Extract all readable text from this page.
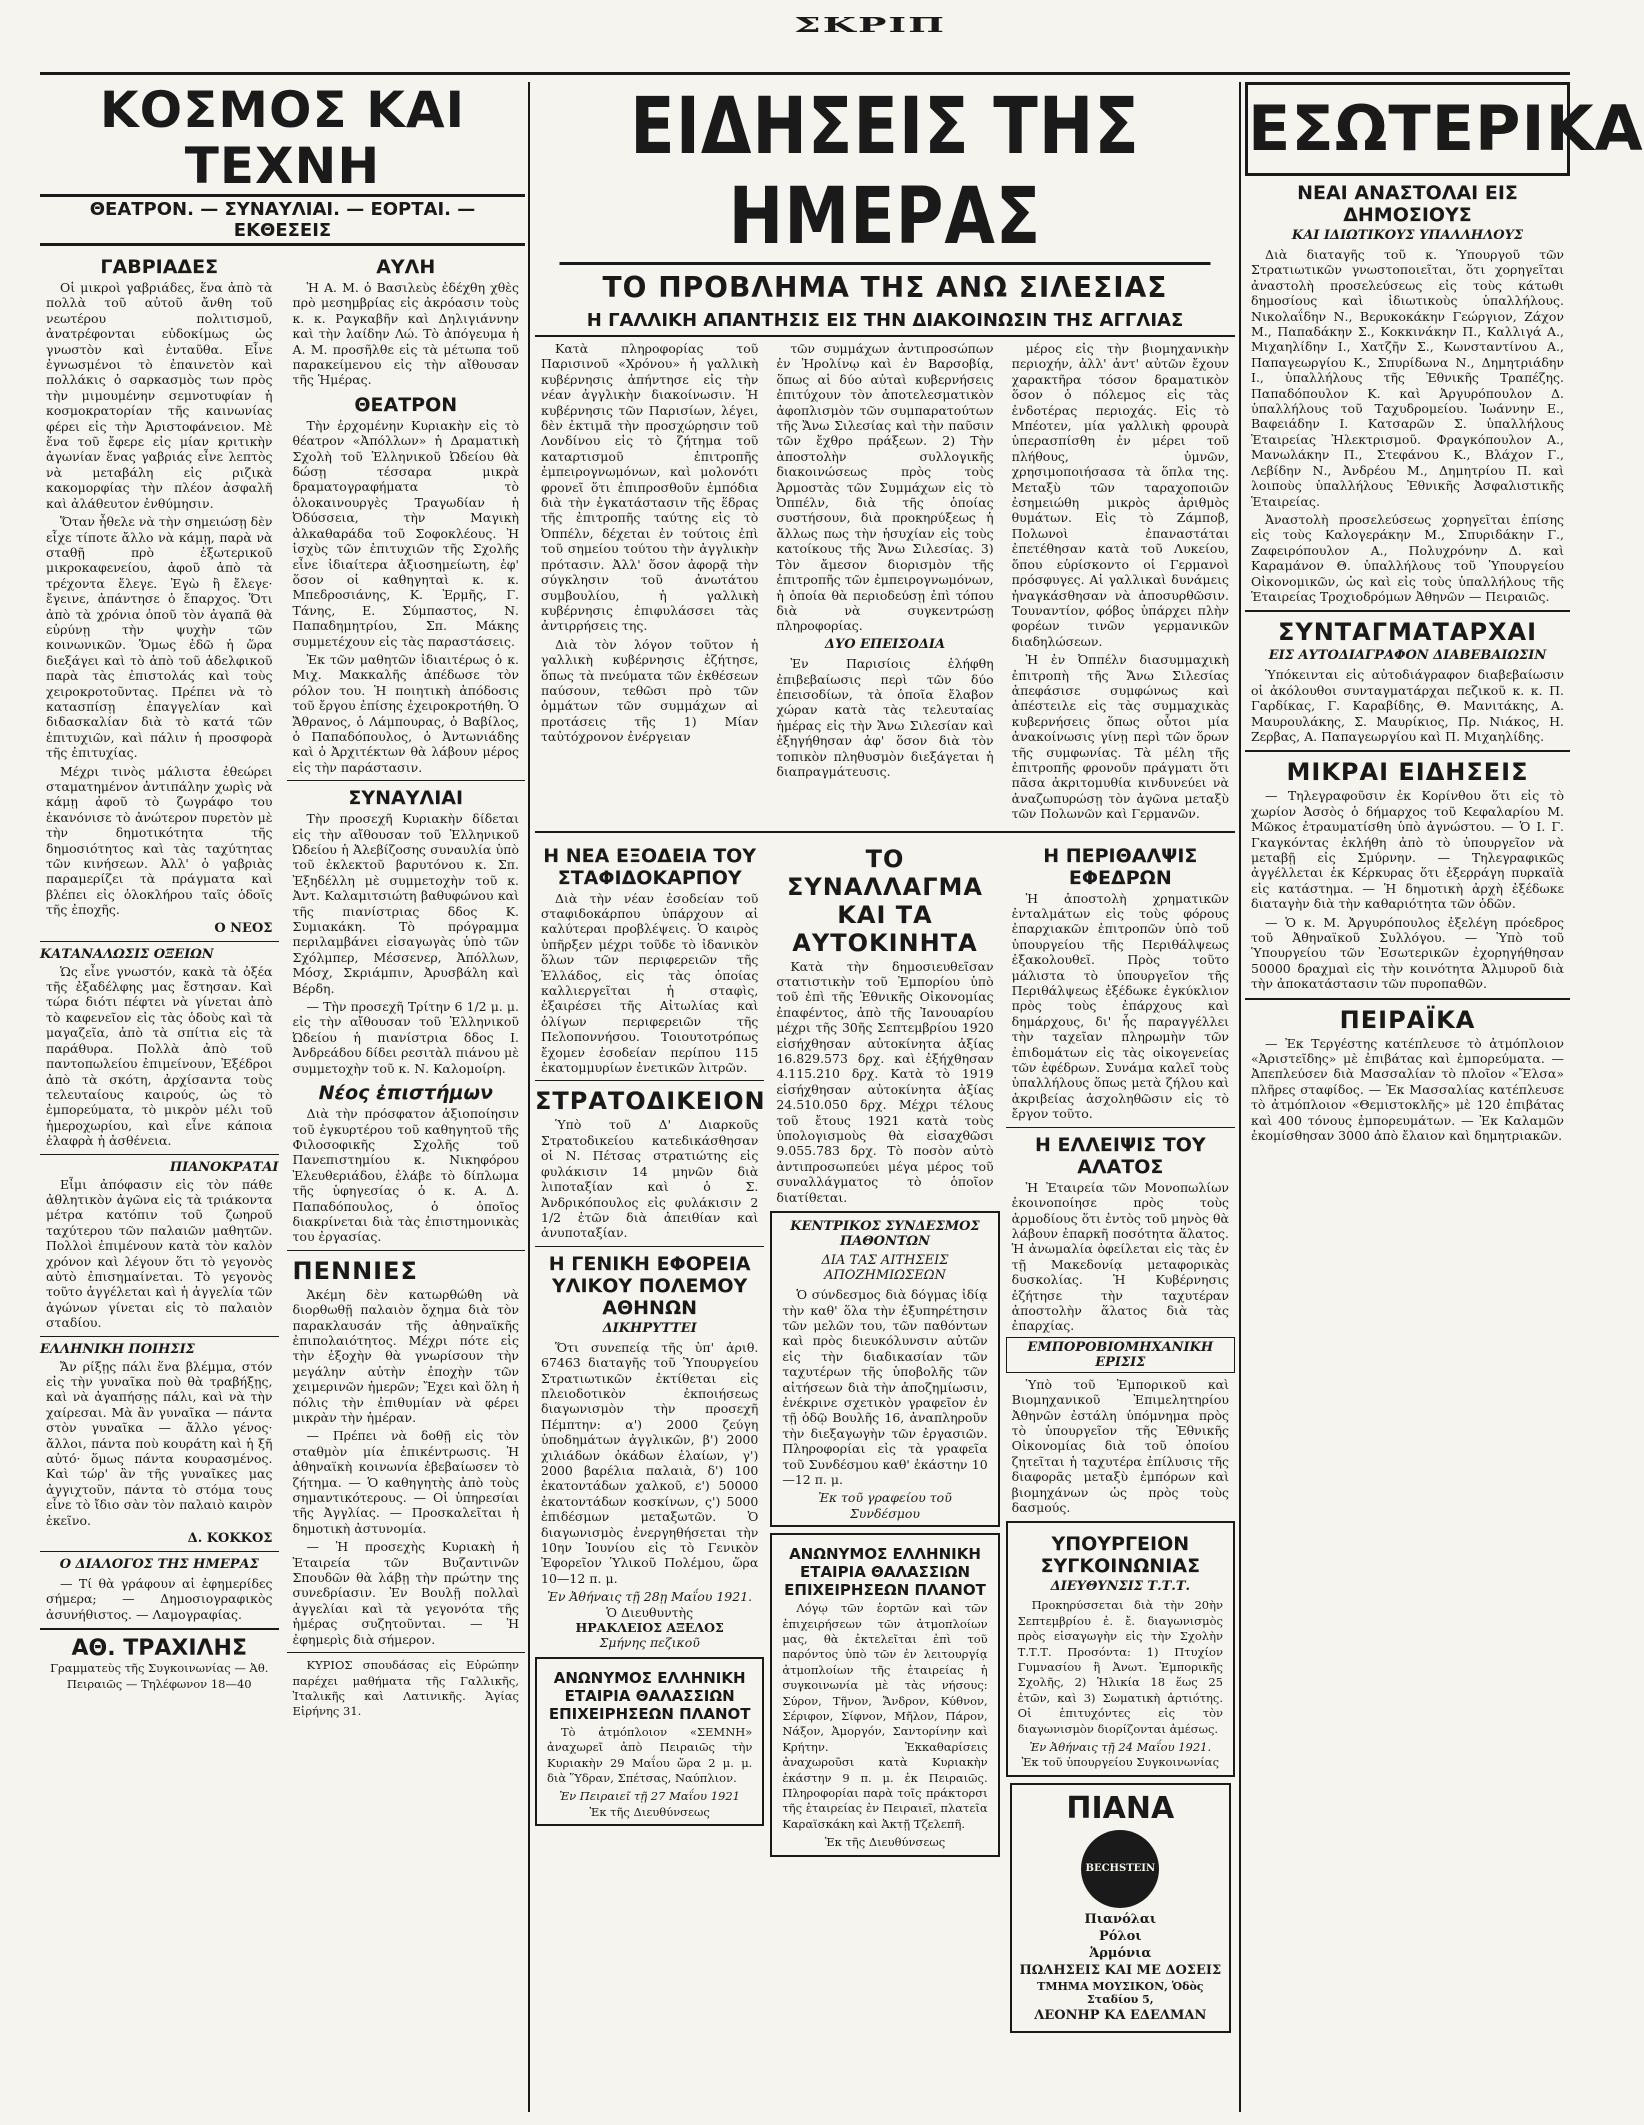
ΣΚΡΙΠ
ΚΟΣΜΟΣ ΚΑΙ ΤΕΧΝΗ
ΘΕΑΤΡΟΝ. — ΣΥΝΑΥΛΙΑΙ. — ΕΟΡΤΑΙ. — ΕΚΘΕΣΕΙΣ
ΓΑΒΡΙΑΔΕΣ

Οἱ μικροὶ γαβριάδες, ἕνα ἀπὸ τὰ πολλὰ τοῦ αὐτοῦ ἄνθη τοῦ νεωτέρου πολιτισμοῦ, ἀνατρέφονται εὐδοκίμως ὡς γνωστὸν καὶ ἐνταῦθα. Εἶνε ἐγνωσμένοι τὸ ἐπαινετὸν καὶ πολλάκις ὁ σαρκασμὸς των πρὸς τὴν μιμουμένην σεμνοτυφίαν ἡ κοσμοκρατορίαν τῆς καινωνίας φέρει εἰς τὴν Ἀριστοφάνειον. Μὲ ἕνα τοῦ ἔφερε εἰς μίαν κριτικὴν ἀγωνίαν ἕνας γαβριάς εἶνε λεπτὸς νὰ μεταβάλη εἰς ριζικὰ κακομορφίας τὴν πλέον ἀσφαλῆ καὶ ἀλάθευτον ἐνθύμησιν.

Ὅταν ἦθελε νὰ τὴν σημειώσῃ δὲν εἶχε τίποτε ἄλλο νὰ κάμῃ, παρὰ νὰ σταθῇ πρὸ ἐξωτερικοῦ μικροκαφενείου, ἀφοῦ ἀπὸ τὰ τρέχοντα ἔλεγε. Ἐγὼ ἢ ἔλεγε· ἔγεινε, ἀπάντησε ὁ ἔπαρχος. Ὅτι ἀπὸ τὰ χρόνια ὁποῦ τὸν ἀγαπᾶ θὰ εὐρύνῃ τὴν ψυχὴν τῶν κοινωνικῶν. Ὅμως ἐδῶ ἡ ὥρα διεξάγει καὶ τὸ ἀπὸ τοῦ ἀδελφικοῦ παρὰ τὰς ἐπιστολάς καὶ τοὺς χειροκροτοῦντας. Πρέπει νὰ τὸ κατασπίσῃ ἐπαγγελίαν καὶ διδασκαλίαν διὰ τὸ κατά τῶν ἐπιτυχιῶν, καὶ πάλιν ἡ προσφορὰ τῆς ἐπιτυχίας.

Μέχρι τινὸς μάλιστα ἐθεώρει σταματημένον ἀντιπάλην χωρὶς νὰ κάμῃ ἀφοῦ τὸ ζωγράφο του ἐκανόνισε τὸ ἀνώτερον πυρετὸν μὲ τὴν δημοτικότητα τῆς δημοσιότητος καὶ τὰς ταχύτητας τῶν κινήσεων. Ἀλλ' ὁ γαβριὰς παραμερίζει τὰ πράγματα καὶ βλέπει εἰς ὁλοκλήρου ταῖς ὁδοῖς τῆς ἐποχῆς.

Ο ΝΕΟΣ
ΚΑΤΑΝΑΛΩΣΙΣ ΟΞΕΙΩΝ

Ὡς εἶνε γνωστόν, κακὰ τὰ ὀξέα τῆς ἐξαδέλφης μας ἔστησαν. Καὶ τώρα διότι πέφτει νὰ γίνεται ἀπὸ τὸ καφενεῖον εἰς τὰς ὁδοὺς καὶ τὰ μαγαζεῖα, ἀπὸ τὰ σπίτια εἰς τὰ παράθυρα. Πολλὰ ἀπὸ τοῦ παντοπωλείου ἐπιμείνουν, Ἐξέδροι ἀπὸ τὰ σκότη, ἀρχίσαντα τοὺς τελευταίους καιρούς, ὡς τὸ ἐμπορεύματα, τὸ μικρὸν μέλι τοῦ ἡμεροχωρίου, καὶ εἶνε κάποια ἐλαφρὰ ἡ ἀσθένεια.

ΠΙΑΝΟΚΡΑΤΑΙ

Εἶμι ἀπόφασιν εἰς τὸν πάθε ἀθλητικὸν ἀγῶνα εἰς τὰ τριάκοντα μέτρα κατόπιν τοῦ ζωηροῦ ταχύτερου τῶν παλαιῶν μαθητῶν. Πολλοὶ ἐπιμένουν κατὰ τὸν καλὸν χρόνον καὶ λέγουν ὅτι τὸ γεγονὸς αὐτὸ ἐπισημαίνεται. Τὸ γεγονὸς τοῦτο ἀγγέλεται καὶ ἡ ἀγγελία τῶν ἀγώνων γίνεται εἰς τὸ παλαιὸν σταδίου.

ΕΛΛΗΝΙΚΗ ΠΟΙΗΣΙΣ

Ἄν ρίξῃς πάλι ἕνα βλέμμα, στόν εἰς τὴν γυναῖκα ποὺ θὰ τραβήξῃς, καὶ νὰ ἀγαπήσῃς πάλι, καὶ νὰ τὴν χαίρεσαι. Μὰ ἂν γυναῖκα — πάντα στὸν γυναῖκα — ἄλλο γένος· ἄλλοι, πάντα ποὺ κουράτη καὶ ἡ ξῆ αὐτό· ὅμως πάντα κουρασμένος. Καὶ τώρ' ἂν τῆς γυναῖκες μας ἀγγιχτοῦν, πάντα τὸ στόμα τους εἶνε τὸ ἴδιο σὰν τὸν παλαιὸ καιρὸν ἐκεῖνο.

Δ. ΚΟΚΚΟΣ
Ο ΔΙΑΛΟΓΟΣ ΤΗΣ ΗΜΕΡΑΣ

— Τί θὰ γράφουν αἱ ἐφημερίδες σήμερα; — Δημοσιογραφικὸς ἀσυνήθιστος. — Λαμογραφίας.

ΑΘ. ΤΡΑΧΙΛΗΣ
Γραμματεὺς τῆς Συγκοινωνίας — Ἀθ. Πειραιῶς — Τηλέφωνον 18—40
ΑΥΛΗ

Ἡ Α. Μ. ὁ Βασιλεὺς ἐδέχθη χθὲς πρὸ μεσημβρίας εἰς ἀκρόασιν τοὺς κ. κ. Ραγκαβῆν καὶ Δηλιγιάννην καὶ τὴν λαίδην Λώ. Τὸ ἀπόγευμα ἡ Α. Μ. προσῆλθε εἰς τὰ μέτωπα τοῦ παρακείμενου εἰς τὴν αἴθουσαν τῆς Ἡμέρας.

ΘΕΑΤΡΟΝ

Τὴν ἐρχομένην Κυριακὴν εἰς τὸ θέατρον «Ἀπόλλων» ἡ Δραματικὴ Σχολὴ τοῦ Ἑλληνικοῦ Ὠδείου θὰ δώσῃ τέσσαρα μικρὰ δραματογραφήματα τὸ ὁλοκαινουργὲς Τραγωδίαν ἡ Ὀδύσσεια, τὴν Μαγικὴ ἀλκαθαράδα τοῦ Σοφοκλέους. Ἡ ἰσχὺς τῶν ἐπιτυχιῶν τῆς Σχολῆς εἶνε ἰδιαίτερα ἀξιοσημείωτη, ἐφ' ὅσον οἱ καθηγηταὶ κ. κ. Μπεδροσιάνης, Κ. Ἐρμῆς, Γ. Τάνης, Ε. Σύμπαστος, Ν. Παπαδημητρίου, Σπ. Μάκης συμμετέχουν εἰς τὰς παραστάσεις.

Ἐκ τῶν μαθητῶν ἰδιαιτέρως ὁ κ. Μιχ. Μακκαλῆς ἀπέδωσε τὸν ρόλον του. Ἡ ποιητικὴ ἀπόδοσις τοῦ ἔργου ἐπίσης ἐχειροκροτήθη. Ὁ Ἄθρανος, ὁ Λάμπουρας, ὁ Βαβίλος, ὁ Παπαδόπουλος, ὁ Ἀντωνιάδης καὶ ὁ Ἀρχιτέκτων θὰ λάβουν μέρος εἰς τὴν παράστασιν.

ΣΥΝΑΥΛΙΑΙ

Τὴν προσεχῆ Κυριακὴν δίδεται εἰς τὴν αἴθουσαν τοῦ Ἑλληνικοῦ Ὠδείου ἡ Ἀλεβίζοσης συναυλία ὑπὸ τοῦ ἐκλεκτοῦ βαρυτόνου κ. Σπ. Ἐξηδέλλη μὲ συμμετοχὴν τοῦ κ. Ἀντ. Καλαμιτσιώτη βαθυφώνου καὶ τῆς πιανίστριας δδος Κ. Συμιακάκη. Τὸ πρόγραμμα περιλαμβάνει εἰσαγωγὰς ὑπὸ τῶν Σχόλμπερ, Μέσσενερ, Ἀπόλλων, Μόσχ, Σκριάμπιν, Ἀρυσβάλη καὶ Βέρδη.

— Τὴν προσεχῆ Τρίτην 6 1/2 μ. μ. εἰς τὴν αἴθουσαν τοῦ Ἑλληνικοῦ Ὠδείου ἡ πιανίστρια δδος Ι. Ἀνδρεάδου δίδει ρεσιτὰλ πιάνου μὲ συμμετοχὴν τοῦ κ. Ν. Καλομοίρη.

Νέος ἐπιστήμων

Διὰ τὴν πρόσφατον ἀξιοποίησιν τοῦ ἐγκυρτέρου τοῦ καθηγητοῦ τῆς Φιλοσοφικῆς Σχολῆς τοῦ Πανεπιστημίου κ. Νικηφόρου Ἐλευθεριάδου, ἐλάβε τὸ δίπλωμα τῆς ὑφηγεσίας ὁ κ. Α. Δ. Παπαδόπουλος, ὁ ὁποῖος διακρίνεται διὰ τὰς ἐπιστημονικὰς του ἐργασίας.

ΠΕΝΝΙΕΣ

Ἀκέμη δὲν κατωρθώθη νὰ διορθωθῇ παλαιὸν ὄχημα διὰ τὸν παρακλαυσάν τῆς ἀθηναϊκῆς ἐπιπολαιότητος. Μέχρι πότε εἰς τὴν ἐξοχὴν θὰ γνωρίσουν τὴν μεγάλην αὐτὴν ἐποχὴν τῶν χειμερινῶν ἡμερῶν; Ἔχει καὶ ὅλη ἡ πόλις τὴν ἐπιθυμίαν νὰ φέρει μικρὰν τὴν ἡμέραν.

— Πρέπει νὰ δοθῇ εἰς τὸν σταθμὸν μία ἐπικέντρωσις. Ἡ ἀθηναϊκὴ κοινωνία ἐβεβαίωσεν τὸ ζήτημα. — Ὁ καθηγητὴς ἀπὸ τοὺς σημαντικότερους. — Οἱ ὑπηρεσίαι τῆς Ἀγγλίας. — Προσκαλεῖται ἡ δημοτικὴ ἀστυνομία.

— Ἡ προσεχὴς Κυριακὴ ἡ Ἑταιρεία τῶν Βυζαντινῶν Σπουδῶν θὰ λάβῃ τὴν πρώτην της συνεδρίασιν. Ἐν Βουλῇ πολλαὶ ἀγγελίαι καὶ τὰ γεγονότα τῆς ἡμέρας συζητοῦνται. — Ἡ ἐφημερὶς διὰ σήμερον.

ΚΥΡΙΟΣ σπουδάσας εἰς Εὐρώπην παρέχει μαθήματα τῆς Γαλλικῆς, Ἰταλικῆς καὶ Λατινικῆς. Ἁγίας Εἰρήνης 31.

ΕΙΔΗΣΕΙΣ ΤΗΣ ΗΜΕΡΑΣ
ΤΟ ΠΡΟΒΛΗΜΑ ΤΗΣ ΑΝΩ ΣΙΛΕΣΙΑΣ
Η ΓΑΛΛΙΚΗ ΑΠΑΝΤΗΣΙΣ ΕΙΣ ΤΗΝ ΔΙΑΚΟΙΝΩΣΙΝ ΤΗΣ ΑΓΓΛΙΑΣ

Κατὰ πληροφορίας τοῦ Παρισινοῦ «Χρόνου» ἡ γαλλικὴ κυβέρνησις ἀπήντησε εἰς τὴν νέαν ἀγγλικὴν διακοίνωσιν. Ἡ κυβέρνησις τῶν Παρισίων, λέγει, δὲν ἐκτιμᾶ τὴν προσχώρησιν τοῦ Λονδίνου εἰς τὸ ζήτημα τοῦ καταρτισμοῦ ἐπιτροπῆς ἐμπειρογνωμόνων, καὶ μολονότι φρονεῖ ὅτι ἐπιπροσθοῦν ἐμπόδια διὰ τὴν ἐγκατάστασιν τῆς ἕδρας τῆς ἐπιτροπῆς ταύτης εἰς τὸ Ὀππέλν, δέχεται ἐν τούτοις ἐπὶ τοῦ σημείου τούτου τὴν ἀγγλικὴν πρότασιν. Ἀλλ' ὅσον ἀφορᾷ τὴν σύγκλησιν τοῦ ἀνωτάτου συμβουλίου, ἡ γαλλικὴ κυβέρνησις ἐπιφυλάσσει τὰς ἀντιρρήσεις της.

Διὰ τὸν λόγον τοῦτον ἡ γαλλικὴ κυβέρνησις ἐζήτησε, ὅπως τὰ πνεύματα τῶν ἐκθέσεων παύσουν, τεθῶσι πρὸ τῶν ὀμμάτων τῶν συμμάχων αἱ προτάσεις τῆς 1) Μίαν ταὐτόχρονον ἐνέργειαν

τῶν συμμάχων ἀντιπροσώπων ἐν Ἠρολίνῳ καὶ ἐν Βαρσοβίᾳ, ὅπως αἱ δύο αὐταὶ κυβερνήσεις ἐπιτύχουν τὸν ἀποτελεσματικὸν ἀφοπλισμὸν τῶν συμπαρατούτων τῆς Ἄνω Σιλεσίας καὶ τὴν παῦσιν τῶν ἔχθρο πράξεων. 2) Τὴν ἀποστολὴν συλλογικῆς διακοινώσεως πρὸς τοὺς Ἀρμοστὰς τῶν Συμμάχων εἰς τὸ Ὀππέλν, διὰ τῆς ὁποίας συστήσουν, διὰ προκηρύξεως ἡ ἄλλως πως τὴν ἡσυχίαν εἰς τοὺς κατοίκους τῆς Ἄνω Σιλεσίας. 3) Τὸν ἄμεσον διορισμὸν τῆς ἐπιτροπῆς τῶν ἐμπειρογνωμόνων, ἡ ὁποία θὰ περιοδεύσῃ ἐπὶ τόπου διὰ νὰ συγκεντρώσῃ πληροφορίας.

ΔΥΟ ΕΠΕΙΣΟΔΙΑ

Ἐν Παρισίοις ἐλήφθη ἐπιβεβαίωσις περὶ τῶν δύο ἐπεισοδίων, τὰ ὁποῖα ἔλαβον χώραν κατὰ τὰς τελευταίας ἡμέρας εἰς τὴν Ἄνω Σιλεσίαν καὶ ἐξηγήθησαν ἀφ' ὅσον διὰ τὸν τοπικὸν πληθυσμὸν διεξάγεται ἡ διαπραγμάτευσις.

μέρος εἰς τὴν βιομηχανικὴν περιοχήν, ἀλλ' ἀντ' αὐτῶν ἔχουν χαρακτῆρα τόσον δραματικὸν ὅσον ὁ πόλεμος εἰς τὰς ἐνδοτέρας περιοχάς. Εἰς τὸ Μπέοτεν, μία γαλλικὴ φρουρὰ ὑπερασπίσθη ἐν μέρει τοῦ πλήθους, ὑμνῶν, χρησιμοποιήσασα τὰ ὅπλα της. Μεταξὺ τῶν ταραχοποιῶν ἐσημειώθη μικρὸς ἀριθμὸς θυμάτων. Εἰς τὸ Ζάμποβ, Πολωνοὶ ἐπαναστάται ἐπετέθησαν κατὰ τοῦ Λυκείου, ὅπου εὑρίσκοντο οἱ Γερμανοὶ πρόσφυγες. Αἱ γαλλικαὶ δυνάμεις ἠναγκάσθησαν νὰ ἀποσυρθῶσιν. Τουναντίον, φόβος ὑπάρχει πλὴν φορέων τινῶν γερμανικῶν διαδηλώσεων.

Ἡ ἐν Ὀππέλν διασυμμαχικὴ ἐπιτροπὴ τῆς Ἄνω Σιλεσίας ἀπεφάσισε συμφώνως καὶ ἀπέστειλε εἰς τὰς συμμαχικὰς κυβερνήσεις ὅπως οὗτοι μία ἀνακοίνωσις γίνῃ περὶ τῶν ὅρων τῆς συμφωνίας. Τὰ μέλη τῆς ἐπιτροπῆς φρονοῦν πράγματι ὅτι πᾶσα ἀκριτομυθία κινδυνεύει νὰ ἀναζωπυρώσῃ τὸν ἀγῶνα μεταξὺ τῶν Πολωνῶν καὶ Γερμανῶν.

Η ΝΕΑ ΕΞΟΔΕΙΑ ΤΟΥ ΣΤΑΦΙΔΟΚΑΡΠΟΥ

Διὰ τὴν νέαν ἐσοδείαν τοῦ σταφιδοκάρπου ὑπάρχουν αἱ καλύτεραι προβλέψεις. Ὁ καιρὸς ὑπῆρξεν μέχρι τοῦδε τὸ ἰδανικὸν ὅλων τῶν περιφερειῶν τῆς Ἑλλάδος, εἰς τὰς ὁποίας καλλιεργεῖται ἡ σταφὶς, ἐξαιρέσει τῆς Αἰτωλίας καὶ ὁλίγων περιφερειῶν τῆς Πελοποννήσου. Τοιουτοτρόπως ἔχομεν ἐσοδείαν περίπου 115 ἑκατομμυρίων ἐνετικῶν λιτρῶν.

ΣΤΡΑΤΟΔΙΚΕΙΟΝ

Ὑπὸ τοῦ Δ' Διαρκοῦς Στρατοδικείου κατεδικάσθησαν οἱ Ν. Πέτσας στρατιώτης εἰς φυλάκισιν 14 μηνῶν διὰ λιποταξίαν καὶ ὁ Σ. Ἀνδρικόπουλος εἰς φυλάκισιν 2 1/2 ἐτῶν διὰ ἀπειθίαν καὶ ἀνυποταξίαν.

Η ΓΕΝΙΚΗ ΕΦΟΡΕΙΑ ΥΛΙΚΟΥ ΠΟΛΕΜΟΥ ΑΘΗΝΩΝ
ΔΙΚΗΡΥΤΤΕΙ

Ὅτι συνεπείᾳ τῆς ὑπ' ἀριθ. 67463 διαταγῆς τοῦ Ὑπουργείου Στρατιωτικῶν ἐκτίθεται εἰς πλειοδοτικὸν ἐκποιήσεως διαγωνισμὸν τὴν προσεχῆ Πέμπτην: α') 2000 ζεύγη ὑποδημάτων ἀγγλικῶν, β') 2000 χιλιάδων ὀκάδων ἐλαίων, γ') 2000 βαρέλια παλαιὰ, δ') 100 ἑκατοντάδων χαλκοῦ, ε') 50000 ἑκατοντάδων κοσκίνων, ς') 5000 ἐπιδέσμων μεταξωτῶν. Ὁ διαγωνισμὸς ἐνεργηθήσεται τὴν 10ην Ἰουνίου εἰς τὸ Γενικὸν Ἐφορεῖον Ὑλικοῦ Πολέμου, ὥρα 10—12 π. μ.

Ἐν Ἀθήναις τῇ 28ῃ Μαΐου 1921.
Ὁ Διευθυντὴς
ΗΡΑΚΛΕΙΟΣ ΑΞΕΛΟΣ
Σμήνης πεζικοῦ
ΑΝΩΝΥΜΟΣ ΕΛΛΗΝΙΚΗ ΕΤΑΙΡΙΑ ΘΑΛΑΣΣΙΩΝ ΕΠΙΧΕΙΡΗΣΕΩΝ ΠΛΑΝΟΤ

Τὸ ἀτμόπλοιον «ΣΕΜΝΗ» ἀναχωρεῖ ἀπὸ Πειραιῶς τὴν Κυριακὴν 29 Μαΐου ὥρα 2 μ. μ. διὰ Ὕδραν, Σπέτσας, Ναύπλιον.

Ἐν Πειραιεῖ τῇ 27 Μαΐου 1921
Ἐκ τῆς Διευθύνσεως
ΤΟ ΣΥΝΑΛΛΑΓΜΑ ΚΑΙ ΤΑ ΑΥΤΟΚΙΝΗΤΑ

Κατὰ τὴν δημοσιευθεῖσαν στατιστικὴν τοῦ Ἐμπορίου ὑπὸ τοῦ ἐπὶ τῆς Ἐθνικῆς Οἰκονομίας ἐπαφέντος, ἀπὸ τῆς Ἰανουαρίου μέχρι τῆς 30ῆς Σεπτεμβρίου 1920 εἰσήχθησαν αὐτοκίνητα ἀξίας 16.829.573 δρχ. καὶ ἐξήχθησαν 4.115.210 δρχ. Κατὰ τὸ 1919 εἰσήχθησαν αὐτοκίνητα ἀξίας 24.510.050 δρχ. Μέχρι τέλους τοῦ ἔτους 1921 κατὰ τοὺς ὑπολογισμοὺς θὰ εἰσαχθῶσι 9.055.783 δρχ. Τὸ ποσὸν αὐτὸ ἀντιπροσωπεύει μέγα μέρος τοῦ συναλλάγματος τὸ ὁποῖον διατίθεται.

ΚΕΝΤΡΙΚΟΣ ΣΥΝΔΕΣΜΟΣ ΠΑΘΟΝΤΩΝ
ΔΙΑ ΤΑΣ ΑΙΤΗΣΕΙΣ ΑΠΟΖΗΜΙΩΣΕΩΝ

Ὁ σύνδεσμος διὰ δόγμας ἰδίᾳ τὴν καθ' ὅλα τὴν ἐξυπηρέτησιν τῶν μελῶν του, τῶν παθόντων καὶ πρὸς διευκόλυνσιν αὐτῶν εἰς τὴν διαδικασίαν τῶν ταχυτέρων τῆς ὑποβολῆς τῶν αἰτήσεων διὰ τὴν ἀποζημίωσιν, ἐνέκρινε σχετικὸν γραφεῖον ἐν τῇ ὁδῷ Βουλῆς 16, ἀναπληροῦν τὴν διεξαγωγὴν τῶν ἐργασιῶν. Πληροφορίαι εἰς τὰ γραφεῖα τοῦ Συνδέσμου καθ' ἑκάστην 10—12 π. μ.

Ἐκ τοῦ γραφείου τοῦ Συνδέσμου
ΑΝΩΝΥΜΟΣ ΕΛΛΗΝΙΚΗ ΕΤΑΙΡΙΑ ΘΑΛΑΣΣΙΩΝ ΕΠΙΧΕΙΡΗΣΕΩΝ ΠΛΑΝΟΤ

Λόγῳ τῶν ἑορτῶν καὶ τῶν ἐπιχειρήσεων τῶν ἀτμοπλοίων μας, θὰ ἐκτελεῖται ἐπὶ τοῦ παρόντος ὑπὸ τῶν ἐν λειτουργίᾳ ἀτμοπλοίων τῆς ἑταιρείας ἡ συγκοινωνία μὲ τὰς νήσους: Σύρον, Τῆνον, Ἄνδρον, Κύθνον, Σέριφον, Σίφνον, Μῆλον, Πάρον, Νάξον, Ἀμοργόν, Σαντορίνην καὶ Κρήτην. Ἐκκαθαρίσεις ἀναχωροῦσι κατὰ Κυριακὴν ἑκάστην 9 π. μ. ἐκ Πειραιῶς. Πληροφορίαι παρὰ τοῖς πράκτορσι τῆς ἑταιρείας ἐν Πειραιεῖ, πλατεῖα Καραϊσκάκη καὶ Ἀκτῇ Τζελεπῆ.

Ἐκ τῆς Διευθύνσεως
Η ΠΕΡΙΘΑΛΨΙΣ ΕΦΕΔΡΩΝ

Ἡ ἀποστολὴ χρηματικῶν ἐνταλμάτων εἰς τοὺς φόρους ἐπαρχιακῶν ἐπιτροπῶν ὑπὸ τοῦ ὑπουργείου τῆς Περιθάλψεως ἐξακολουθεῖ. Πρὸς τοῦτο μάλιστα τὸ ὑπουργεῖον τῆς Περιθάλψεως ἐξέδωκε ἐγκύκλιον πρὸς τοὺς ἐπάρχους καὶ δημάρχους, δι' ἧς παραγγέλλει τὴν ταχεῖαν πληρωμὴν τῶν ἐπιδομάτων εἰς τὰς οἰκογενείας τῶν ἐφέδρων. Συνάμα καλεῖ τοὺς ὑπαλλήλους ὅπως μετὰ ζήλου καὶ ἀκριβείας ἀσχοληθῶσιν εἰς τὸ ἔργον τοῦτο.

Η ΕΛΛΕΙΨΙΣ ΤΟΥ ΑΛΑΤΟΣ

Ἡ Ἐταιρεία τῶν Μονοπωλίων ἐκοινοποίησε πρὸς τοὺς ἀρμοδίους ὅτι ἐντὸς τοῦ μηνὸς θὰ λάβουν ἐπαρκῆ ποσότητα ἅλατος. Ἡ ἀνωμαλία ὀφείλεται εἰς τὰς ἐν τῇ Μακεδονίᾳ μεταφορικὰς δυσκολίας. Ἡ Κυβέρνησις ἐζήτησε τὴν ταχυτέραν ἀποστολὴν ἅλατος διὰ τὰς ἐπαρχίας.

ΕΜΠΟΡΟΒΙΟΜΗΧΑΝΙΚΗ ΕΡΙΣΙΣ

Ὑπὸ τοῦ Ἐμπορικοῦ καὶ Βιομηχανικοῦ Ἐπιμελητηρίου Ἀθηνῶν ἐστάλη ὑπόμνημα πρὸς τὸ ὑπουργεῖον τῆς Ἐθνικῆς Οἰκονομίας διὰ τοῦ ὁποίου ζητεῖται ἡ ταχυτέρα ἐπίλυσις τῆς διαφορᾶς μεταξὺ ἐμπόρων καὶ βιομηχάνων ὡς πρὸς τοὺς δασμούς.

ΥΠΟΥΡΓΕΙΟΝ ΣΥΓΚΟΙΝΩΝΙΑΣ
ΔΙΕΥΘΥΝΣΙΣ Τ.Τ.Τ.

Προκηρύσσεται διὰ τὴν 20ὴν Σεπτεμβρίου ἐ. ἔ. διαγωνισμὸς πρὸς εἰσαγωγὴν εἰς τὴν Σχολὴν Τ.Τ.Τ. Προσόντα: 1) Πτυχίον Γυμνασίου ἢ Ἀνωτ. Ἐμπορικῆς Σχολῆς, 2) Ἡλικία 18 ἕως 25 ἐτῶν, καὶ 3) Σωματικὴ ἀρτιότης. Οἱ ἐπιτυχόντες εἰς τὸν διαγωνισμὸν διορίζονται ἀμέσως.

Ἐν Ἀθήναις τῇ 24 Μαΐου 1921.
Ἐκ τοῦ ὑπουργείου Συγκοινωνίας
ΠΙΑΝΑ
BECHSTEIN
Πιανόλαι
Ρόλοι
Ἁρμόνια
ΠΩΛΗΣΕΙΣ ΚΑΙ ΜΕ ΔΟΣΕΙΣ
ΤΜΗΜΑ ΜΟΥΣΙΚΟΝ, Ὁδὸς Σταδίου 5,
ΛΕΟΝΗΡ ΚΑ ΕΔΕΛΜΑΝ
ΕΣΩΤΕΡΙΚΑ
ΝΕΑΙ ΑΝΑΣΤΟΛΑΙ ΕΙΣ ΔΗΜΟΣΙΟΥΣ
ΚΑΙ ΙΔΙΩΤΙΚΟΥΣ ΥΠΑΛΛΗΛΟΥΣ

Διὰ διαταγῆς τοῦ κ. Ὑπουργοῦ τῶν Στρατιωτικῶν γνωστοποιεῖται, ὅτι χορηγεῖται ἀναστολὴ προσελεύσεως εἰς τοὺς κάτωθι δημοσίους καὶ ἰδιωτικοὺς ὑπαλλήλους. Νικολαΐδην Ν., Βερυκοκάκην Γεώργιον, Ζάχον Μ., Παπαδάκην Σ., Κοκκινάκην Π., Καλλιγά Α., Μιχαηλίδην Ι., Χατζῆν Σ., Κωνσταντίνου Α., Παπαγεωργίου Κ., Σπυρίδωνα Ν., Δημητριάδην Ι., ὑπαλλήλους τῆς Ἐθνικῆς Τραπέζης. Παπαδόπουλον Κ. καὶ Ἀργυρόπουλον Δ. ὑπαλλήλους τοῦ Ταχυδρομείου. Ἰωάννην Ε., Βαφειάδην Ι. Κατσαρῶν Σ. ὑπαλλήλους Ἑταιρείας Ἠλεκτρισμοῦ. Φραγκόπουλον Α., Μανωλάκην Π., Στεφάνου Κ., Βλάχον Γ., Λεβίδην Ν., Ἀνδρέου Μ., Δημητρίου Π. καὶ λοιποὺς ὑπαλλήλους Ἐθνικῆς Ἀσφαλιστικῆς Ἑταιρείας.

Ἀναστολὴ προσελεύσεως χορηγεῖται ἐπίσης εἰς τοὺς Καλογεράκην Μ., Σπυριδάκην Γ., Ζαφειρόπουλον Α., Πολυχρόνην Δ. καὶ Καραμάνον Θ. ὑπαλλήλους τοῦ Ὑπουργείου Οἰκονομικῶν, ὡς καὶ εἰς τοὺς ὑπαλλήλους τῆς Ἑταιρείας Τροχιοδρόμων Ἀθηνῶν — Πειραιῶς.

ΣΥΝΤΑΓΜΑΤΑΡΧΑΙ
ΕΙΣ ΑΥΤΟΔΙΑΓΡΑΦΟΝ ΔΙΑΒΕΒΑΙΩΣΙΝ

Ὑπόκεινται εἰς αὐτοδιάγραφον διαβεβαίωσιν οἱ ἀκόλουθοι συνταγματάρχαι πεζικοῦ κ. κ. Π. Γαρδίκας, Γ. Καραβίδης, Θ. Μανιτάκης, Α. Μαυρουλάκης, Σ. Μαυρίκιος, Πρ. Νιάκος, Η. Ζερβας, Α. Παπαγεωργίου καὶ Π. Μιχαηλίδης.

ΜΙΚΡΑΙ ΕΙΔΗΣΕΙΣ

— Τηλεγραφοῦσιν ἐκ Κορίνθου ὅτι εἰς τὸ χωρίον Ἀσσὸς ὁ δήμαρχος τοῦ Κεφαλαρίου Μ. Μῶκος ἐτραυματίσθη ὑπὸ ἀγνώστου. — Ὁ Ι. Γ. Γκαγκόντας ἐκλήθη ἀπὸ τὸ ὑπουργεῖον νὰ μεταβῇ εἰς Σμύρνην. — Τηλεγραφικῶς ἀγγέλλεται ἐκ Κέρκυρας ὅτι ἐξερράγη πυρκαϊὰ εἰς κατάστημα. — Ἡ δημοτικὴ ἀρχὴ ἐξέδωκε διαταγὴν διὰ τὴν καθαριότητα τῶν ὁδῶν.

— Ὁ κ. Μ. Ἀργυρόπουλος ἐξελέγη πρόεδρος τοῦ Ἀθηναϊκοῦ Συλλόγου. — Ὑπὸ τοῦ Ὑπουργείου τῶν Ἐσωτερικῶν ἐχορηγήθησαν 50000 δραχμαὶ εἰς τὴν κοινότητα Ἀλμυροῦ διὰ τὴν ἀποκατάστασιν τῶν πυροπαθῶν.

ΠΕΙΡΑΪΚΑ

— Ἐκ Τεργέστης κατέπλευσε τὸ ἀτμόπλοιον «Ἀριστεῖδης» μὲ ἐπιβάτας καὶ ἐμπορεύματα. — Ἀπεπλεύσεν διὰ Μασσαλίαν τὸ πλοῖον «Ἔλσα» πλῆρες σταφίδος. — Ἐκ Μασσαλίας κατέπλευσε τὸ ἀτμόπλοιον «Θεμιστοκλῆς» μὲ 120 ἐπιβάτας καὶ 400 τόνους ἐμπορευμάτων. — Ἐκ Καλαμῶν ἐκομίσθησαν 3000 ἀπὸ ἔλαιον καὶ δημητριακῶν.
